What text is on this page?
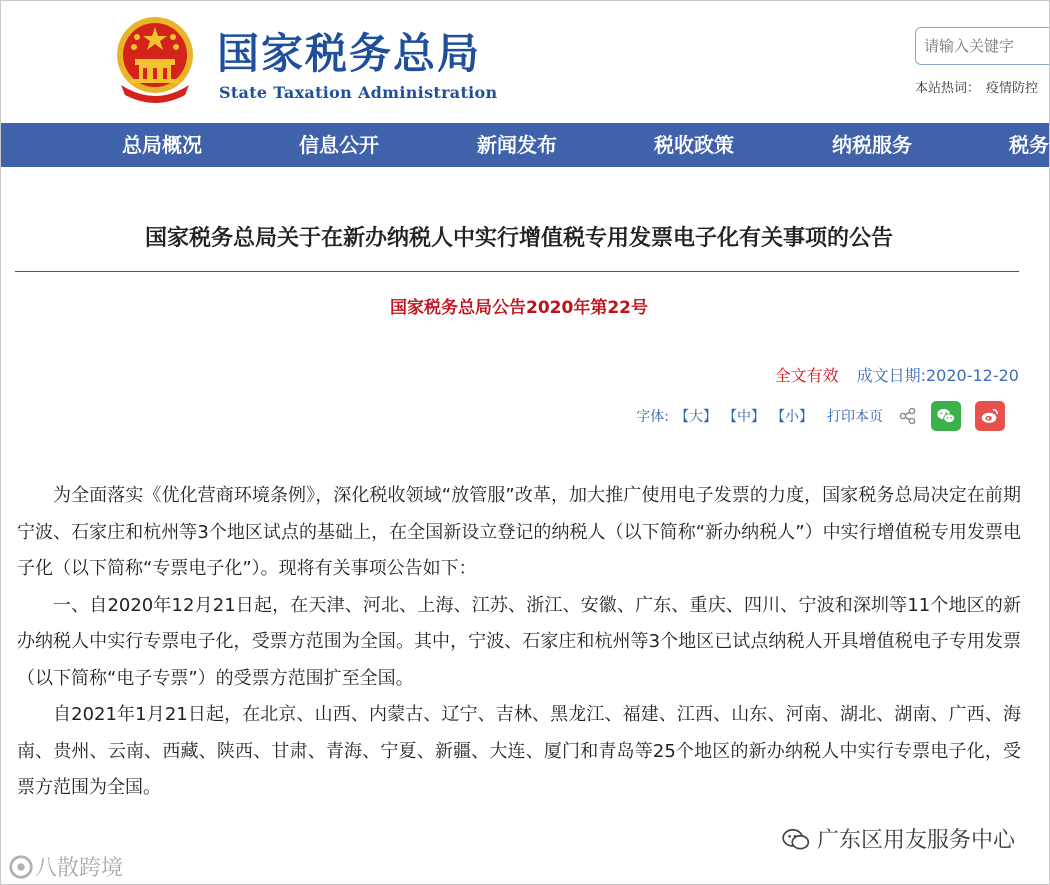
国家税务总局
State Taxation Administration
请输入关键字	本站热词： 疫情防控
总局概况	信息公开	新闻发布	税收政策	纳税服务	税务
国家税务总局关于在新办纳税人中实行增值税专用发票电子化有关事项的公告
国家税务总局公告2020年第22号
全文有效 成文日期:2020-12-20
字体: 【大】 【中】 【小】 打印本页

为全面落实《优化营商环境条例》，深化税收领域“放管服”改革，加大推广使用电子发票的力度，国家税务总局决定在前期宁波、石家庄和杭州等3个地区试点的基础上，在全国新设立登记的纳税人（以下简称“新办纳税人”）中实行增值税专用发票电子化（以下简称“专票电子化”）。现将有关事项公告如下：

一、自2020年12月21日起，在天津、河北、上海、江苏、浙江、安徽、广东、重庆、四川、宁波和深圳等11个地区的新办纳税人中实行专票电子化，受票方范围为全国。其中，宁波、石家庄和杭州等3个地区已试点纳税人开具增值税电子专用发票（以下简称“电子专票”）的受票方范围扩至全国。

自2021年1月21日起，在北京、山西、内蒙古、辽宁、吉林、黑龙江、福建、江西、山东、河南、湖北、湖南、广西、海南、贵州、云南、西藏、陕西、甘肃、青海、宁夏、新疆、大连、厦门和青岛等25个地区的新办纳税人中实行专票电子化，受票方范围为全国。

广东区用友服务中心
八散跨境
